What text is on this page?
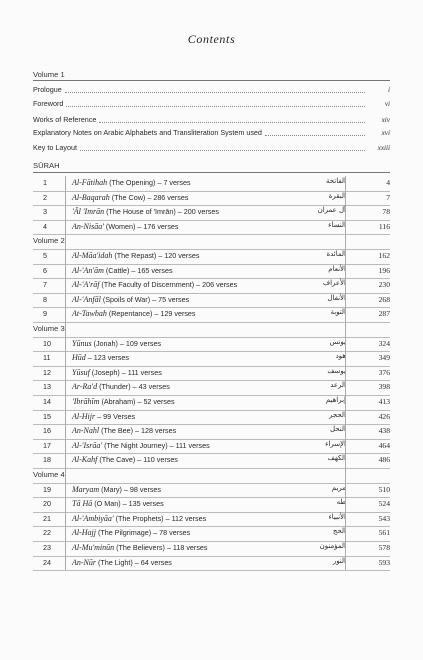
Contents
Volume 1
Prologue	i
Foreword	vi
Works of Reference	xiv
Explanatory Notes on Arabic Alphabets and Transliteration System used	xvi
Key to Layout	xxiii
SŪRAH
1	Al-Fātihah (The Opening) – 7 verses	الفاتحة	4
2	Al-Baqarah (The Cow) – 286 verses	البقرة	7
3	'Āl 'Imrān (The House of 'Imrān) – 200 verses	آل عمران	78
4	An-Nisāa' (Women) – 176 verses	النساء	116
Volume 2
5	Al-Māa'idah (The Repast) – 120 verses	المائدة	162
6	Al-'An'ām (Cattle) – 165 verses	الأنعام	196
7	Al-'A'rāf (The Faculty of Discernment) – 206 verses	الأعراف	230
8	Al-'Anfāl (Spoils of War) – 75 verses	الأنفال	268
9	At-Tawbah (Repentance) – 129 verses	التوبة	287
Volume 3
10	Yūnus (Jonah) – 109 verses	يونس	324
11	Hūd – 123 verses	هود	349
12	Yūsuf (Joseph) – 111 verses	يوسف	376
13	Ar-Ra'd (Thunder) – 43 verses	الرعد	398
14	'Ibrāhīm (Abraham) – 52 verses	إبراهيم	413
15	Al-Hijr – 99 Verses	الحجر	426
16	An-Nahl (The Bee) – 128 verses	النحل	438
17	Al-'Isrāa' (The Night Journey) – 111 verses	الإسراء	464
18	Al-Kahf (The Cave) – 110 verses	الكهف	486
Volume 4
19	Maryam (Mary) – 98 verses	مريم	510
20	Tā Hā (O Man) – 135 verses	طه	524
21	Al-'Ambiyāa' (The Prophets) – 112 verses	الأنبياء	543
22	Al-Hajj (The Pilgrimage) – 78 verses	الحج	561
23	Al-Mu'minūn (The Believers) – 118 verses	المؤمنون	578
24	An-Nūr (The Light) – 64 verses	النور	593
